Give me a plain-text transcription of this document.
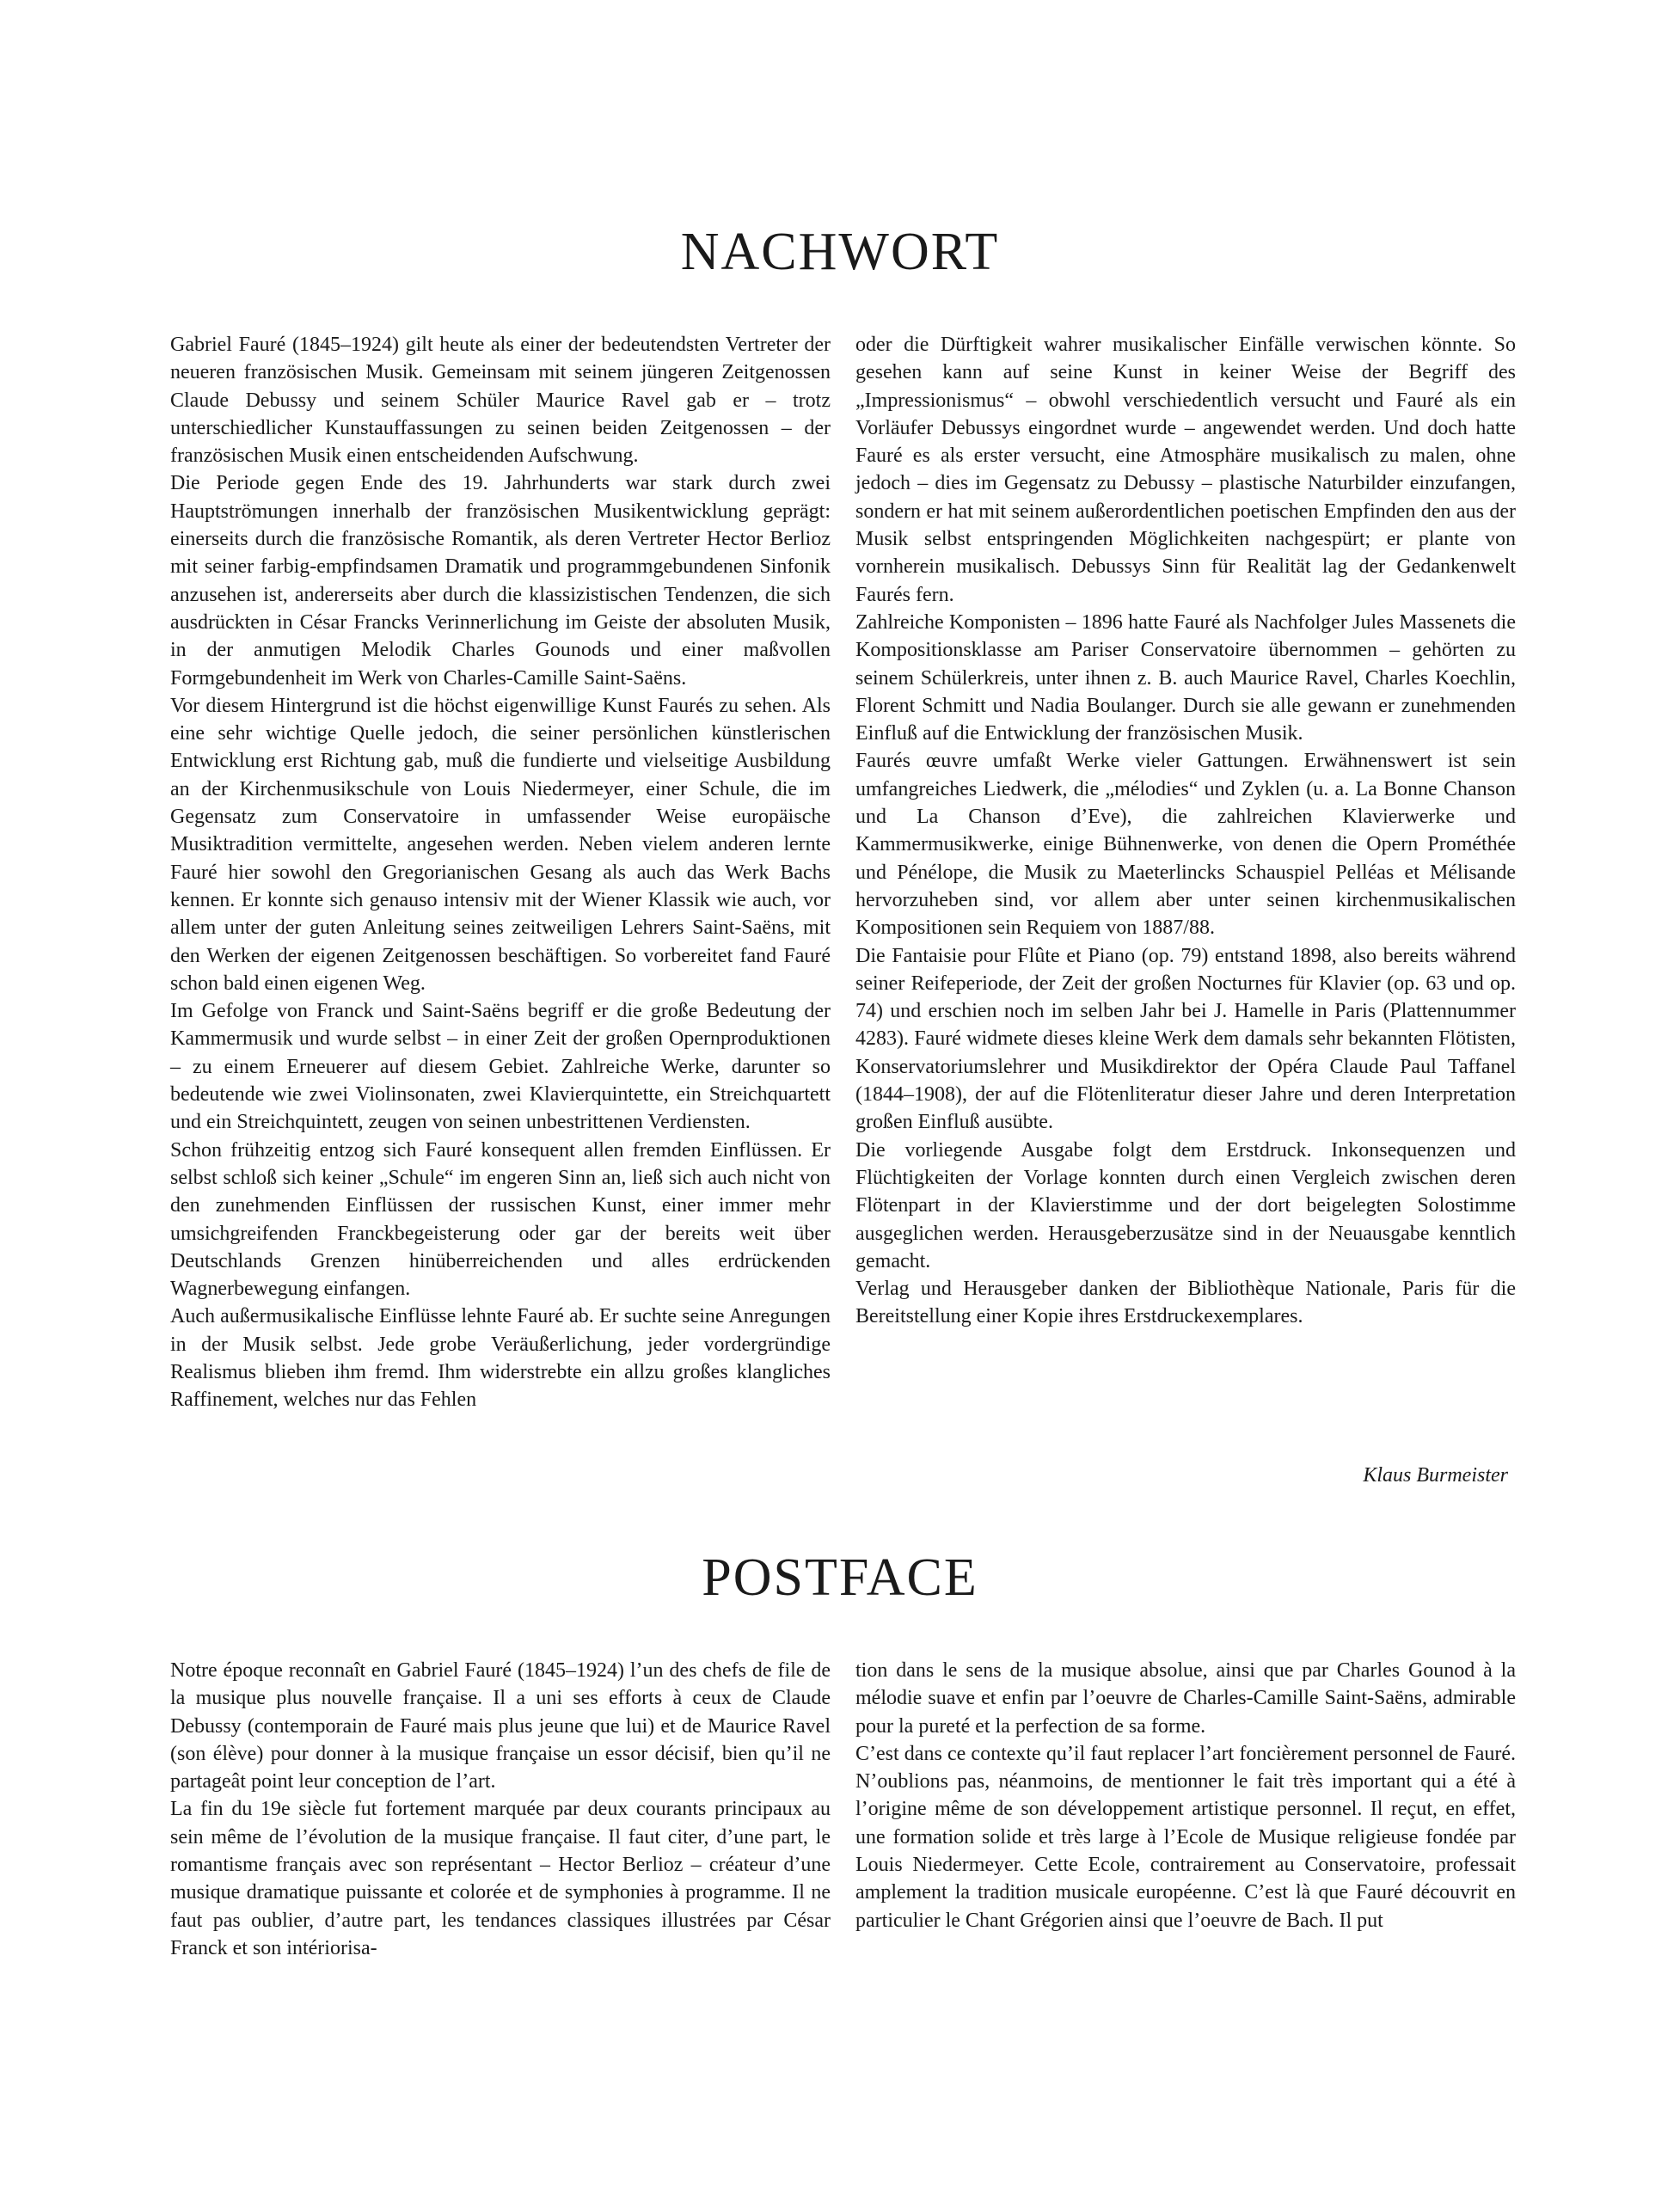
NACHWORT

Gabriel Fauré (1845–1924) gilt heute als einer der bedeutendsten Vertreter der neueren französischen Musik. Gemeinsam mit seinem jüngeren Zeitgenossen Claude Debussy und seinem Schüler Maurice Ravel gab er – trotz unterschiedlicher Kunstauffassungen zu seinen beiden Zeitgenossen – der französischen Musik einen entscheidenden Aufschwung.

Die Periode gegen Ende des 19. Jahrhunderts war stark durch zwei Hauptströmungen innerhalb der französischen Musikentwicklung geprägt: einerseits durch die französische Romantik, als deren Vertreter Hector Berlioz mit seiner farbig-empfindsamen Dramatik und programmgebundenen Sinfonik anzusehen ist, andererseits aber durch die klassizistischen Tendenzen, die sich ausdrückten in César Francks Verinnerlichung im Geiste der absoluten Musik, in der anmutigen Melodik Charles Gounods und einer maßvollen Formgebundenheit im Werk von Charles-Camille Saint-Saëns.

Vor diesem Hintergrund ist die höchst eigenwillige Kunst Faurés zu sehen. Als eine sehr wichtige Quelle jedoch, die seiner persönlichen künstlerischen Entwicklung erst Richtung gab, muß die fundierte und vielseitige Ausbildung an der Kirchenmusikschule von Louis Niedermeyer, einer Schule, die im Gegensatz zum Conservatoire in umfassender Weise europäische Musiktradition vermittelte, angesehen werden. Neben vielem anderen lernte Fauré hier sowohl den Gregorianischen Gesang als auch das Werk Bachs kennen. Er konnte sich genauso intensiv mit der Wiener Klassik wie auch, vor allem unter der guten Anleitung seines zeitweiligen Lehrers Saint-Saëns, mit den Werken der eigenen Zeitgenossen beschäftigen. So vorbereitet fand Fauré schon bald einen eigenen Weg.

Im Gefolge von Franck und Saint-Saëns begriff er die große Bedeutung der Kammermusik und wurde selbst – in einer Zeit der großen Opernproduktionen – zu einem Erneuerer auf diesem Gebiet. Zahlreiche Werke, darunter so bedeutende wie zwei Violinsonaten, zwei Klavierquintette, ein Streichquartett und ein Streichquintett, zeugen von seinen unbestrittenen Verdiensten.

Schon frühzeitig entzog sich Fauré konsequent allen fremden Einflüssen. Er selbst schloß sich keiner „Schule“ im engeren Sinn an, ließ sich auch nicht von den zunehmenden Einflüssen der russischen Kunst, einer immer mehr umsichgreifenden Franckbegeisterung oder gar der bereits weit über Deutschlands Grenzen hinüberreichenden und alles erdrückenden Wagnerbewegung einfangen.

Auch außermusikalische Einflüsse lehnte Fauré ab. Er suchte seine Anregungen in der Musik selbst. Jede grobe Veräußerlichung, jeder vordergründige Realismus blieben ihm fremd. Ihm widerstrebte ein allzu großes klangliches Raffinement, welches nur das Fehlen

oder die Dürftigkeit wahrer musikalischer Einfälle verwischen könnte. So gesehen kann auf seine Kunst in keiner Weise der Begriff des „Impressionismus“ – obwohl verschiedentlich versucht und Fauré als ein Vorläufer Debussys eingordnet wurde – angewendet werden. Und doch hatte Fauré es als erster versucht, eine Atmosphäre musikalisch zu malen, ohne jedoch – dies im Gegensatz zu Debussy – plastische Naturbilder einzufangen, sondern er hat mit seinem außerordentlichen poetischen Empfinden den aus der Musik selbst entspringenden Möglichkeiten nachgespürt; er plante von vornherein musikalisch. Debussys Sinn für Realität lag der Gedankenwelt Faurés fern.

Zahlreiche Komponisten – 1896 hatte Fauré als Nachfolger Jules Massenets die Kompositionsklasse am Pariser Conservatoire übernommen – gehörten zu seinem Schülerkreis, unter ihnen z. B. auch Maurice Ravel, Charles Koechlin, Florent Schmitt und Nadia Boulanger. Durch sie alle gewann er zunehmenden Einfluß auf die Entwicklung der französischen Musik.

Faurés œuvre umfaßt Werke vieler Gattungen. Erwähnenswert ist sein umfangreiches Liedwerk, die „mélodies“ und Zyklen (u. a. La Bonne Chanson und La Chanson d’Eve), die zahlreichen Klavierwerke und Kammermusikwerke, einige Bühnenwerke, von denen die Opern Prométhée und Pénélope, die Musik zu Maeterlincks Schauspiel Pelléas et Mélisande hervorzuheben sind, vor allem aber unter seinen kirchenmusikalischen Kompositionen sein Requiem von 1887/88.

Die Fantaisie pour Flûte et Piano (op. 79) entstand 1898, also bereits während seiner Reifeperiode, der Zeit der großen Nocturnes für Klavier (op. 63 und op. 74) und erschien noch im selben Jahr bei J. Hamelle in Paris (Plattennummer 4283). Fauré widmete dieses kleine Werk dem damals sehr bekannten Flötisten, Konservatoriumslehrer und Musikdirektor der Opéra Claude Paul Taffanel (1844–1908), der auf die Flötenliteratur dieser Jahre und deren Interpretation großen Einfluß ausübte.

Die vorliegende Ausgabe folgt dem Erstdruck. Inkonsequenzen und Flüchtigkeiten der Vorlage konnten durch einen Vergleich zwischen deren Flötenpart in der Klavierstimme und der dort beigelegten Solostimme ausgeglichen werden. Herausgeberzusätze sind in der Neuausgabe kenntlich gemacht.

Verlag und Herausgeber danken der Bibliothèque Nationale, Paris für die Bereitstellung einer Kopie ihres Erstdruckexemplares.

Klaus Burmeister
POSTFACE

Notre époque reconnaît en Gabriel Fauré (1845–1924) l’un des chefs de file de la musique plus nouvelle française. Il a uni ses efforts à ceux de Claude Debussy (contemporain de Fauré mais plus jeune que lui) et de Maurice Ravel (son élève) pour donner à la musique française un essor décisif, bien qu’il ne partageât point leur conception de l’art.

La fin du 19e siècle fut fortement marquée par deux courants principaux au sein même de l’évolution de la musique française. Il faut citer, d’une part, le romantisme français avec son représentant – Hector Berlioz – créateur d’une musique dramatique puissante et colorée et de symphonies à programme. Il ne faut pas oublier, d’autre part, les tendances classiques illustrées par César Franck et son intériorisa-

tion dans le sens de la musique absolue, ainsi que par Charles Gounod à la mélodie suave et enfin par l’oeuvre de Charles-Camille Saint-Saëns, admirable pour la pureté et la perfection de sa forme.

C’est dans ce contexte qu’il faut replacer l’art foncièrement personnel de Fauré. N’oublions pas, néanmoins, de mentionner le fait très important qui a été à l’origine même de son développement artistique personnel. Il reçut, en effet, une formation solide et très large à l’Ecole de Musique religieuse fondée par Louis Niedermeyer. Cette Ecole, contrairement au Conservatoire, professait amplement la tradition musicale européenne. C’est là que Fauré découvrit en particulier le Chant Grégorien ainsi que l’oeuvre de Bach. Il put
